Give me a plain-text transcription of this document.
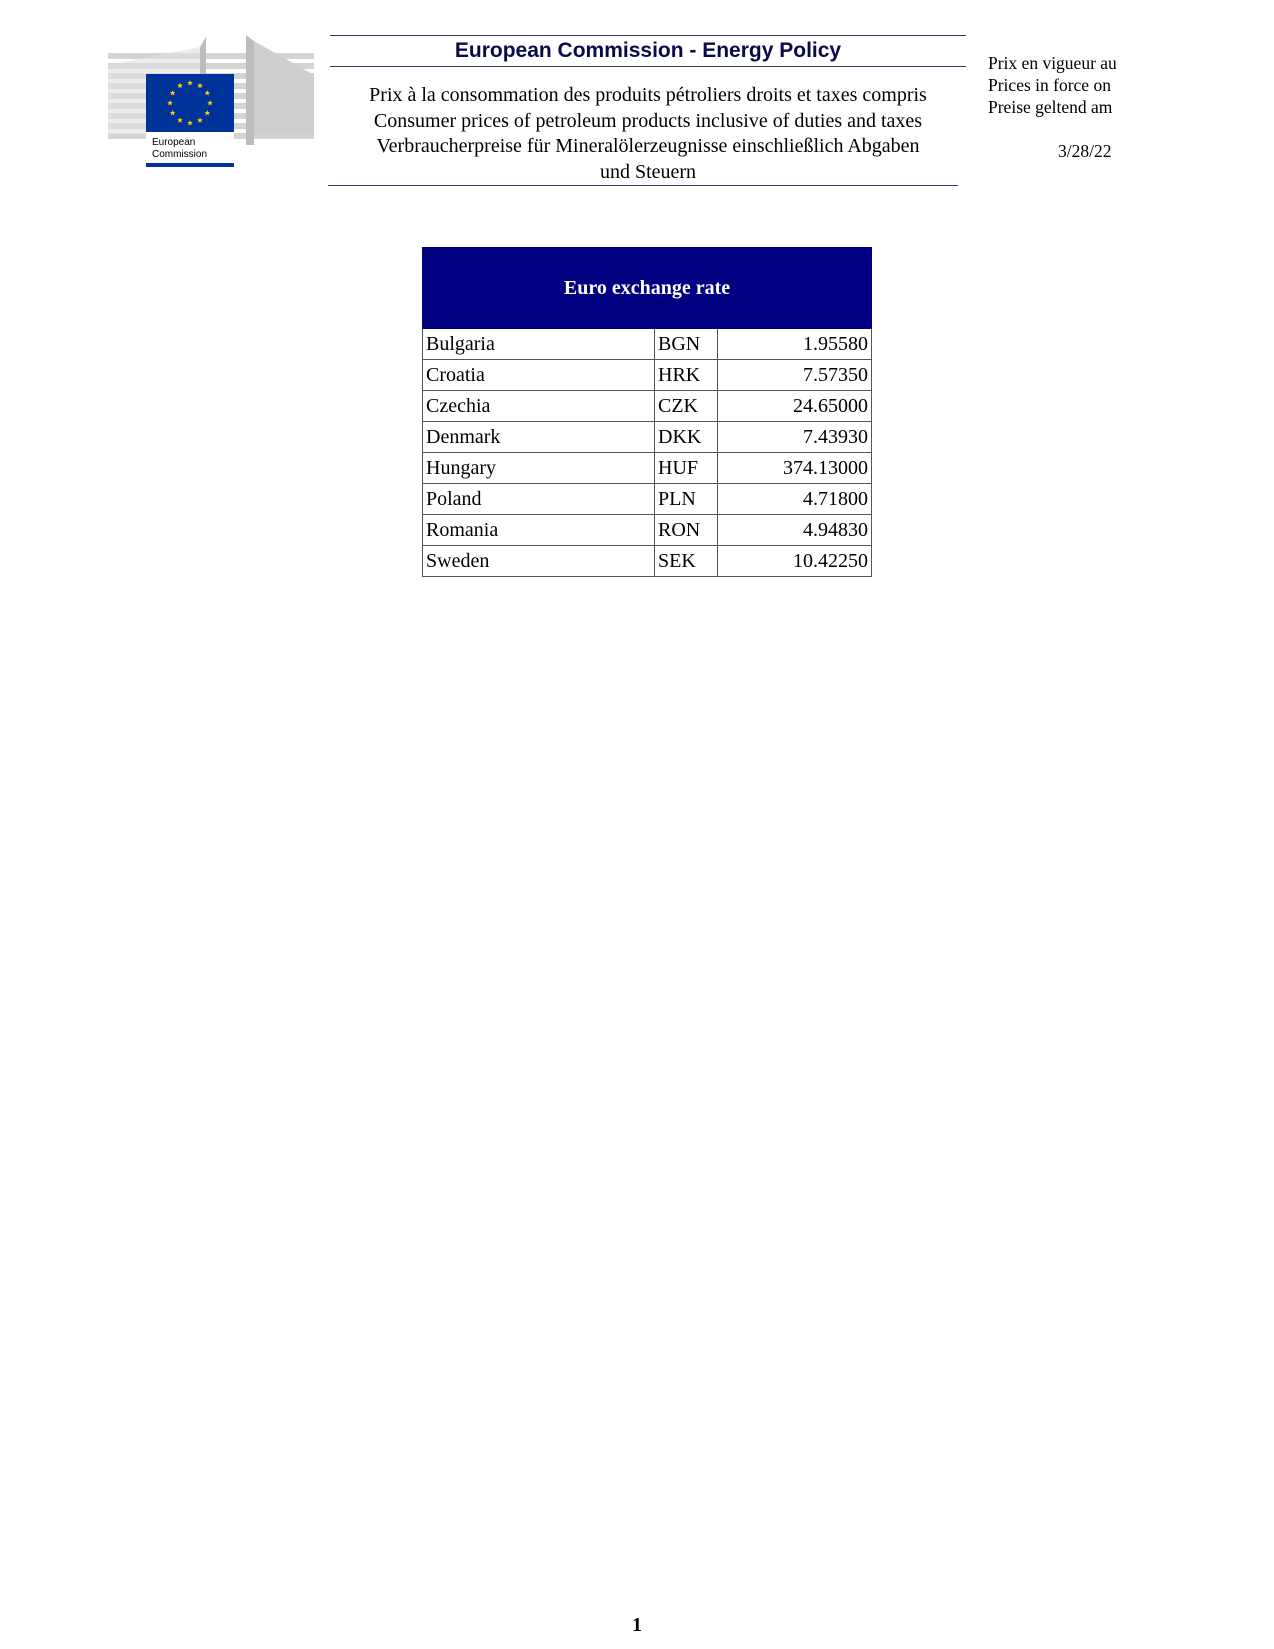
European
Commission
European Commission - Energy Policy
Prix à la consommation des produits pétroliers droits et taxes compris
Consumer prices of petroleum products inclusive of duties and taxes
Verbraucherpreise für Mineralölerzeugnisse einschließlich Abgaben
und Steuern
Prix en vigueur au
Prices in force on
Preise geltend am
3/28/22
Euro exchange rate		
Bulgaria	BGN	1.95580
Croatia	HRK	7.57350
Czechia	CZK	24.65000
Denmark	DKK	7.43930
Hungary	HUF	374.13000
Poland	PLN	4.71800
Romania	RON	4.94830
Sweden	SEK	10.42250
1
